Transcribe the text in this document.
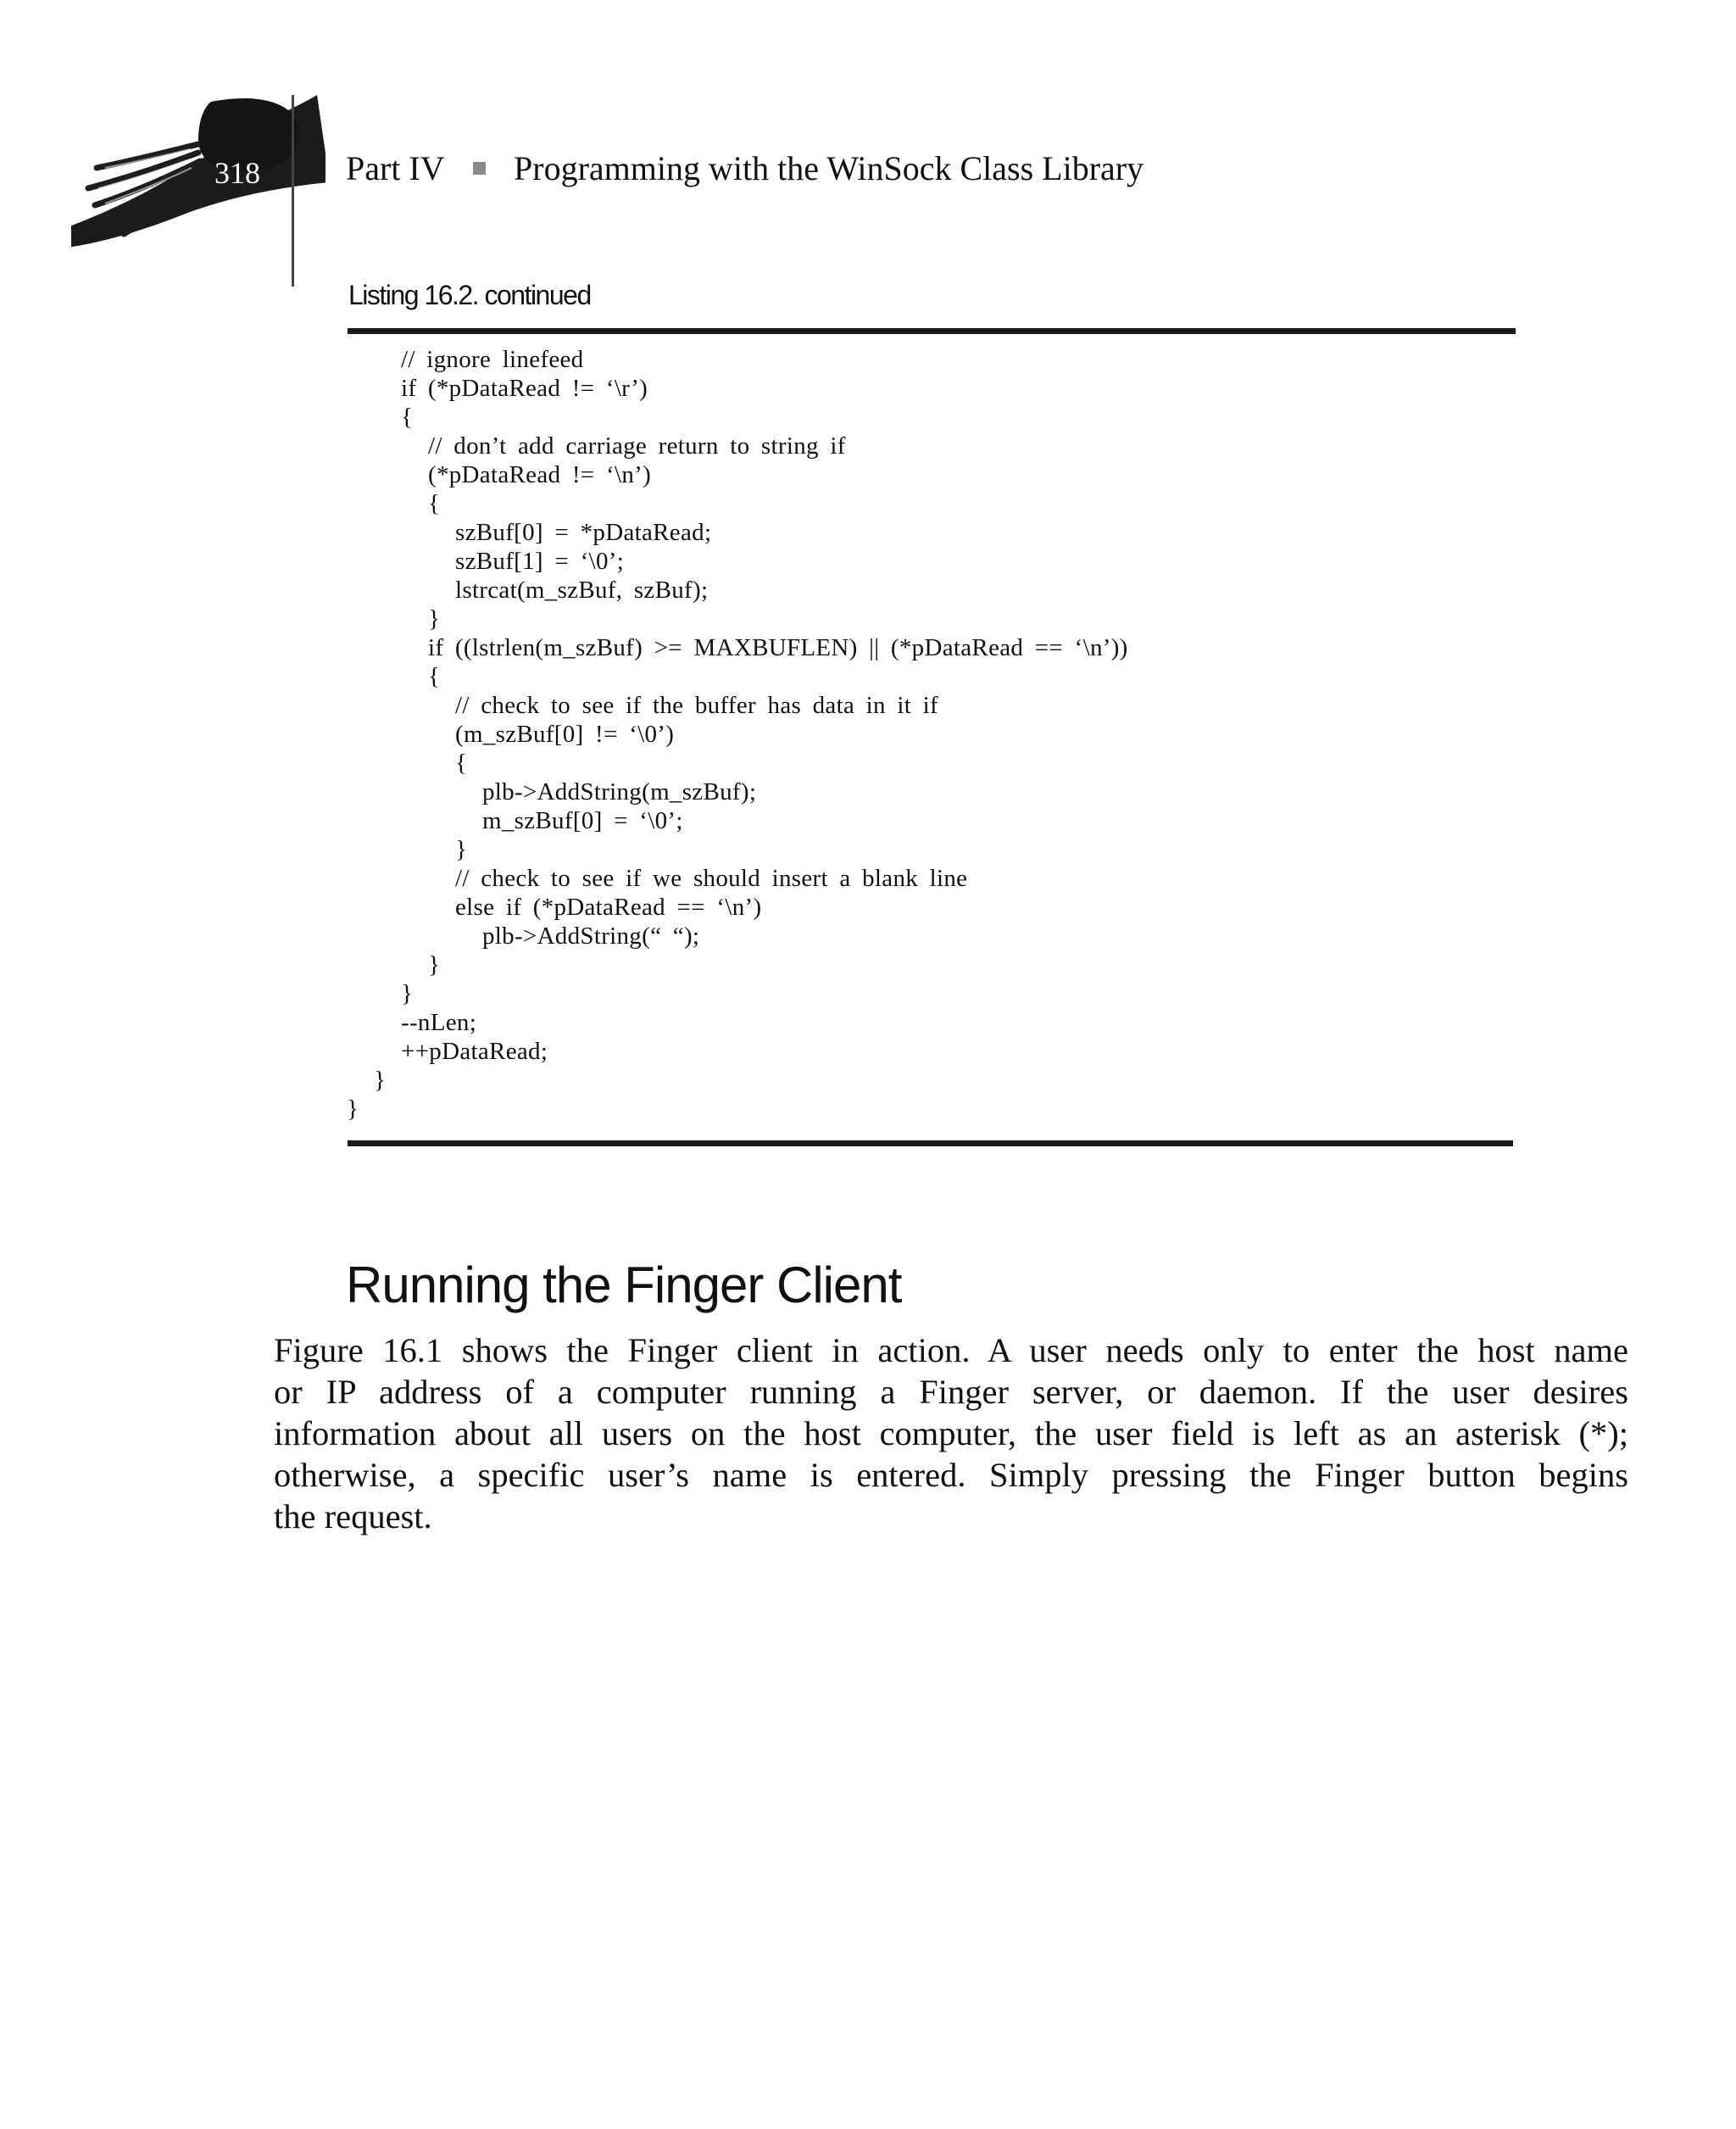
318	Part IV Programming with the WinSock Class Library
Listing 16.2. continued
// ignore linefeed
if (*pDataRead != ‘\r’)
{
// don’t add carriage return to string if
(*pDataRead != ‘\n’)
{
szBuf[0] = *pDataRead;
szBuf[1] = ‘\0’;
lstrcat(m_szBuf, szBuf);
}
if ((lstrlen(m_szBuf) >= MAXBUFLEN) || (*pDataRead == ‘\n’))
{
// check to see if the buffer has data in it if
(m_szBuf[0] != ‘\0’)
{
plb->AddString(m_szBuf);
m_szBuf[0] = ‘\0’;
}
// check to see if we should insert a blank line
else if (*pDataRead == ‘\n’)
plb->AddString(“ “);
}
}
--nLen;
++pDataRead;
}
}
Running the Finger Client
Figure 16.1 shows the Finger client in action. A user needs only to enter the host name
or IP address of a computer running a Finger server, or daemon. If the user desires
information about all users on the host computer, the user field is left as an asterisk (*);
otherwise, a specific user’s name is entered. Simply pressing the Finger button begins
the request.
